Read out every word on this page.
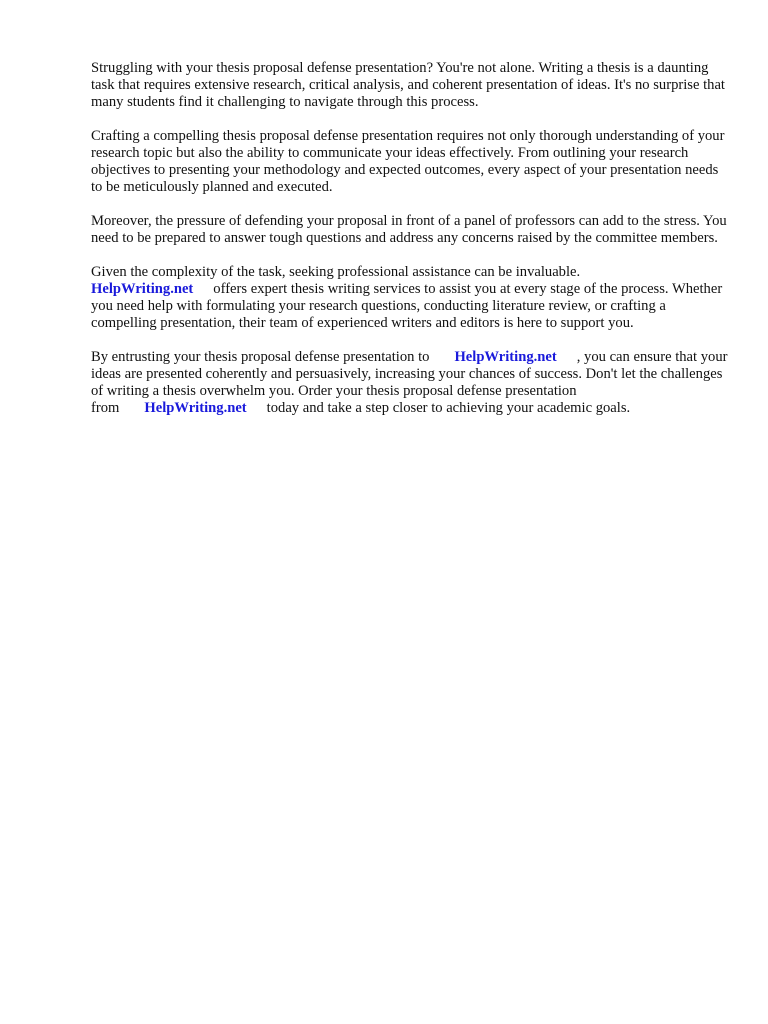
Struggling with your thesis proposal defense presentation? You're not alone. Writing a thesis is a daunting task that requires extensive research, critical analysis, and coherent presentation of ideas. It's no surprise that many students find it challenging to navigate through this process.

Crafting a compelling thesis proposal defense presentation requires not only thorough understanding of your research topic but also the ability to communicate your ideas effectively. From outlining your research objectives to presenting your methodology and expected outcomes, every aspect of your presentation needs to be meticulously planned and executed.

Moreover, the pressure of defending your proposal in front of a panel of professors can add to the stress. You need to be prepared to answer tough questions and address any concerns raised by the committee members.

Given the complexity of the task, seeking professional assistance can be invaluable.
HelpWriting.net offers expert thesis writing services to assist you at every stage of the process. Whether you need help with formulating your research questions, conducting literature review, or crafting a compelling presentation, their team of experienced writers and editors is here to support you.

By entrusting your thesis proposal defense presentation to HelpWriting.net , you can ensure that your ideas are presented coherently and persuasively, increasing your chances of success. Don't let the challenges of writing a thesis overwhelm you. Order your thesis proposal defense presentation from HelpWriting.net today and take a step closer to achieving your academic goals.
